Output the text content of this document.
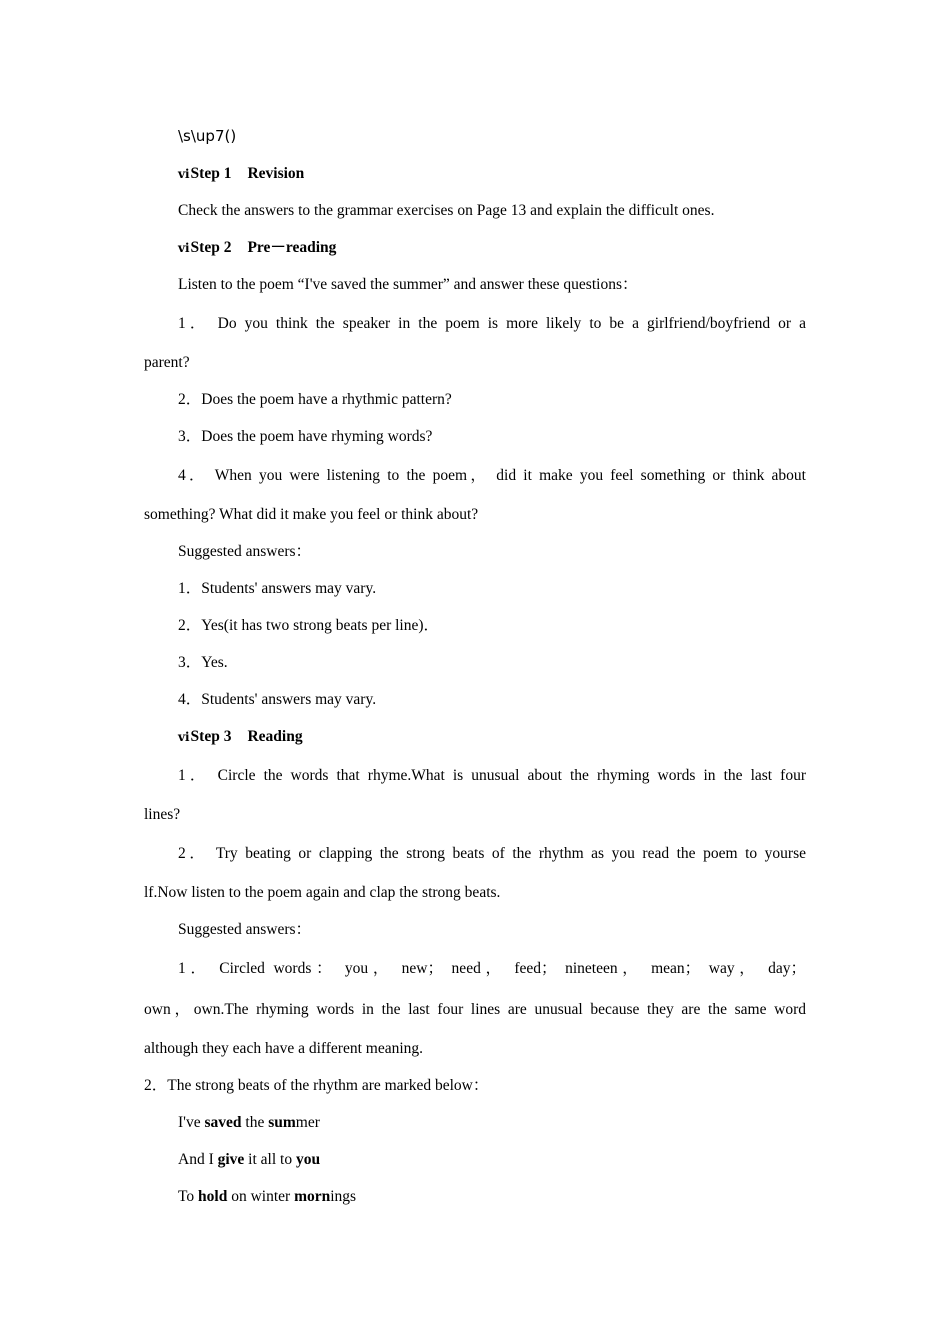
\s\up7()
ⅵStep 1 Revision
Check the answers to the grammar exercises on Page 13 and explain the difficult ones.
ⅵStep 2 Pre－reading
Listen to the poem “I've saved the summer” and answer these questions：
1． Do you think the speaker in the poem is more likely to be a girlfriend/boyfriend or a
parent?
2．Does the poem have a rhythmic pattern?
3．Does the poem have rhyming words?
4． When you were listening to the poem， did it make you feel something or think about
something? What did it make you feel or think about?
Suggested answers：
1．Students' answers may vary.
2．Yes(it has two strong beats per line)．
3．Yes.
4．Students' answers may vary.
ⅵStep 3 Reading
1． Circle the words that rhyme.What is unusual about the rhyming words in the last four
lines?
2． Try beating or clapping the strong beats of the rhythm as you read the poem to yourse
lf.Now listen to the poem again and clap the strong beats.
Suggested answers：
1． Circled words： you， new； need， feed； nineteen， mean； way， day；
own，own.The rhyming words in the last four lines are unusual because they are the same word
although they each have a different meaning.
2．The strong beats of the rhythm are marked below：
I've saved the summer
And I give it all to you
To hold on winter mornings
